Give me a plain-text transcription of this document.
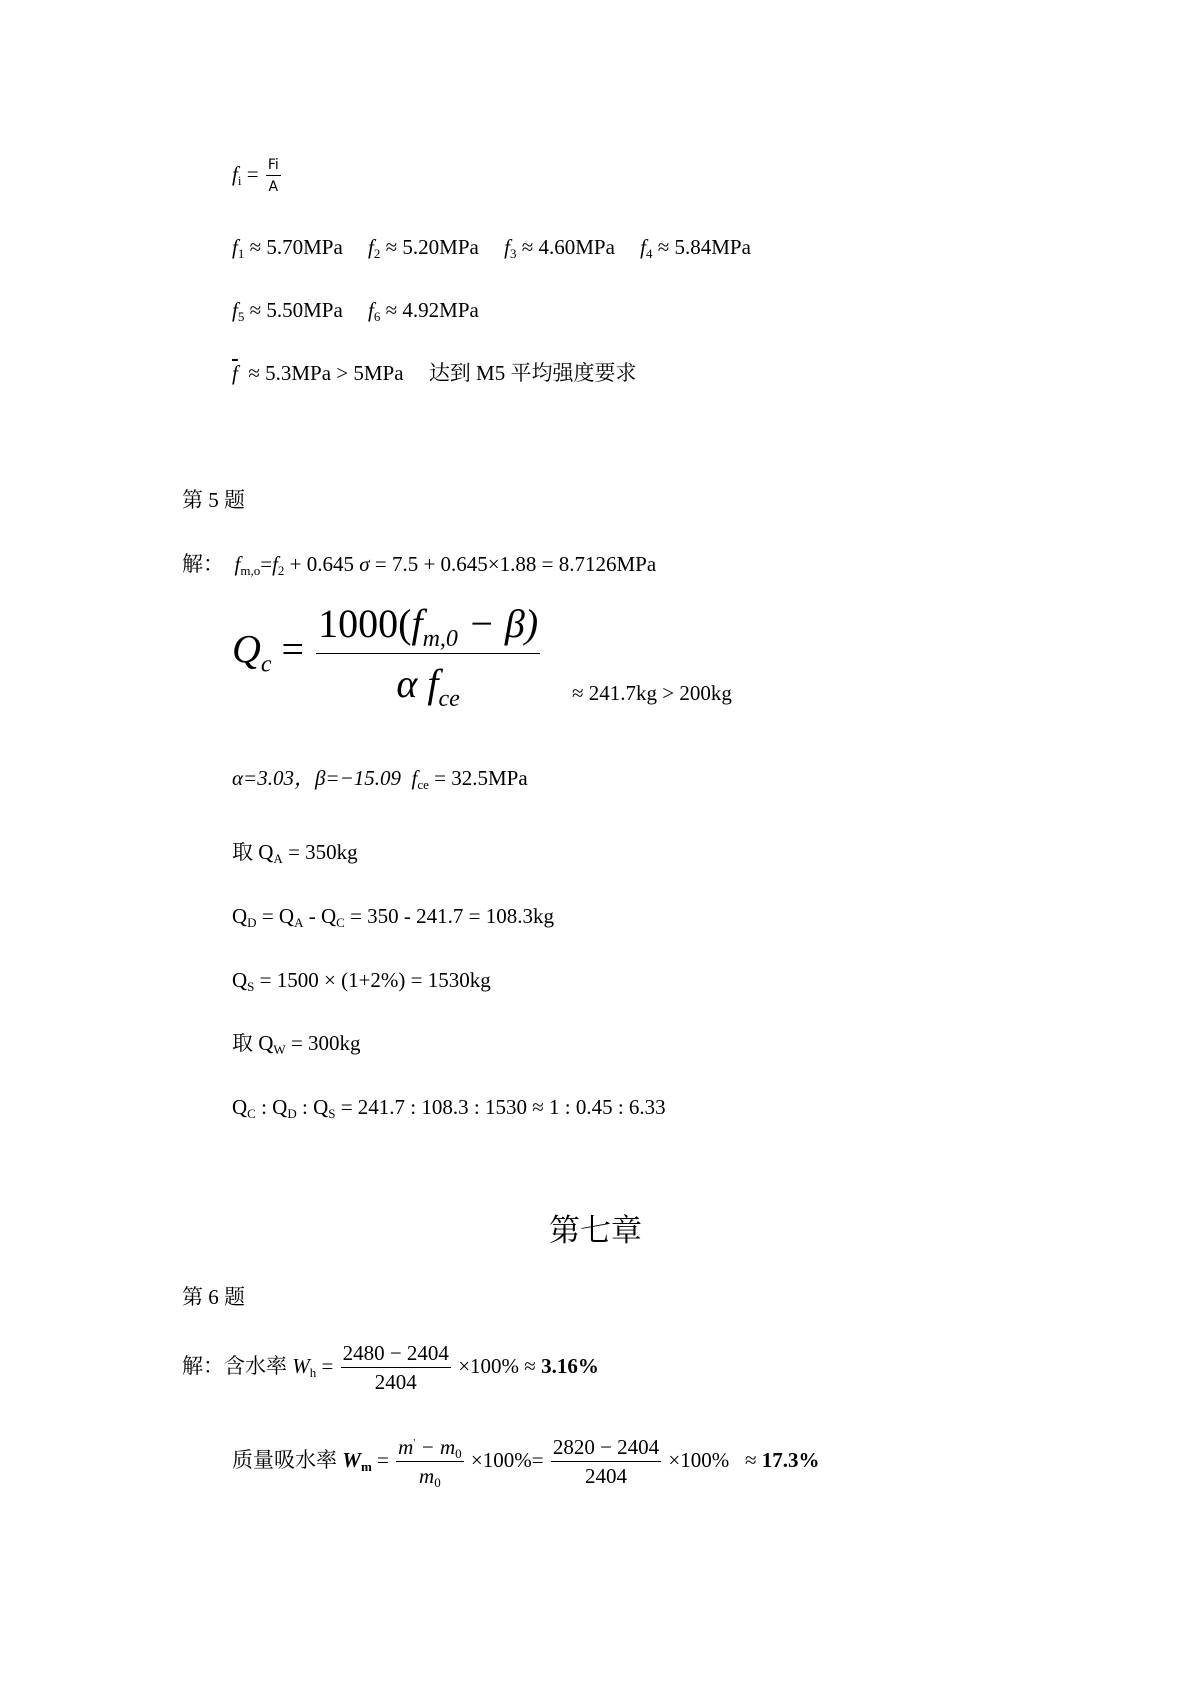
$f_i = \frac{Fi}{A}$
$f_1 \approx 5.70MPa$ $f_2 \approx 5.20MPa$ $f_3 \approx 4.60MPa$ $f_4 \approx 5.84MPa$
$f_5 \approx 5.50MPa$ $f_6 \approx 4.92MPa$
$\overline{f} \approx 5.3MPa > 5MPa$ 达到 M5 平均强度要求
第 5 题
解： $f_{m,o}=f_2 + 0.645$ σ = 7.5 + 0.645×1.88 = 8.7126MPa
$Q_c = \frac{1000(f_{m,0} - \beta)}{\alpha f_{ce}} \approx 241.7kg > 200kg$
α=3.03，β=−15.09 $f_{ce} = 32.5MPa$
取 $Q_A = 350kg$
$Q_D = Q_A - Q_C = 350 - 241.7 = 108.3kg$
$Q_S = 1500 \times (1+2\%) = 1530kg$
取 $Q_W = 300kg$
$Q_C$ : $Q_D$ : $Q_S = 241.7$ : 108.3 : 1530 ≈ 1 : 0.45 : 6.33
第七章
第 6 题
解：含水率 $W_h = \frac{2480 - 2404}{2404} \times 100\% \approx 3.16\%$
质量吸水率 $W_m = \frac{m' - m_0}{m_0} \times 100\%= \frac{2820 - 2404}{2404} \times 100\% \approx 17.3\%$
